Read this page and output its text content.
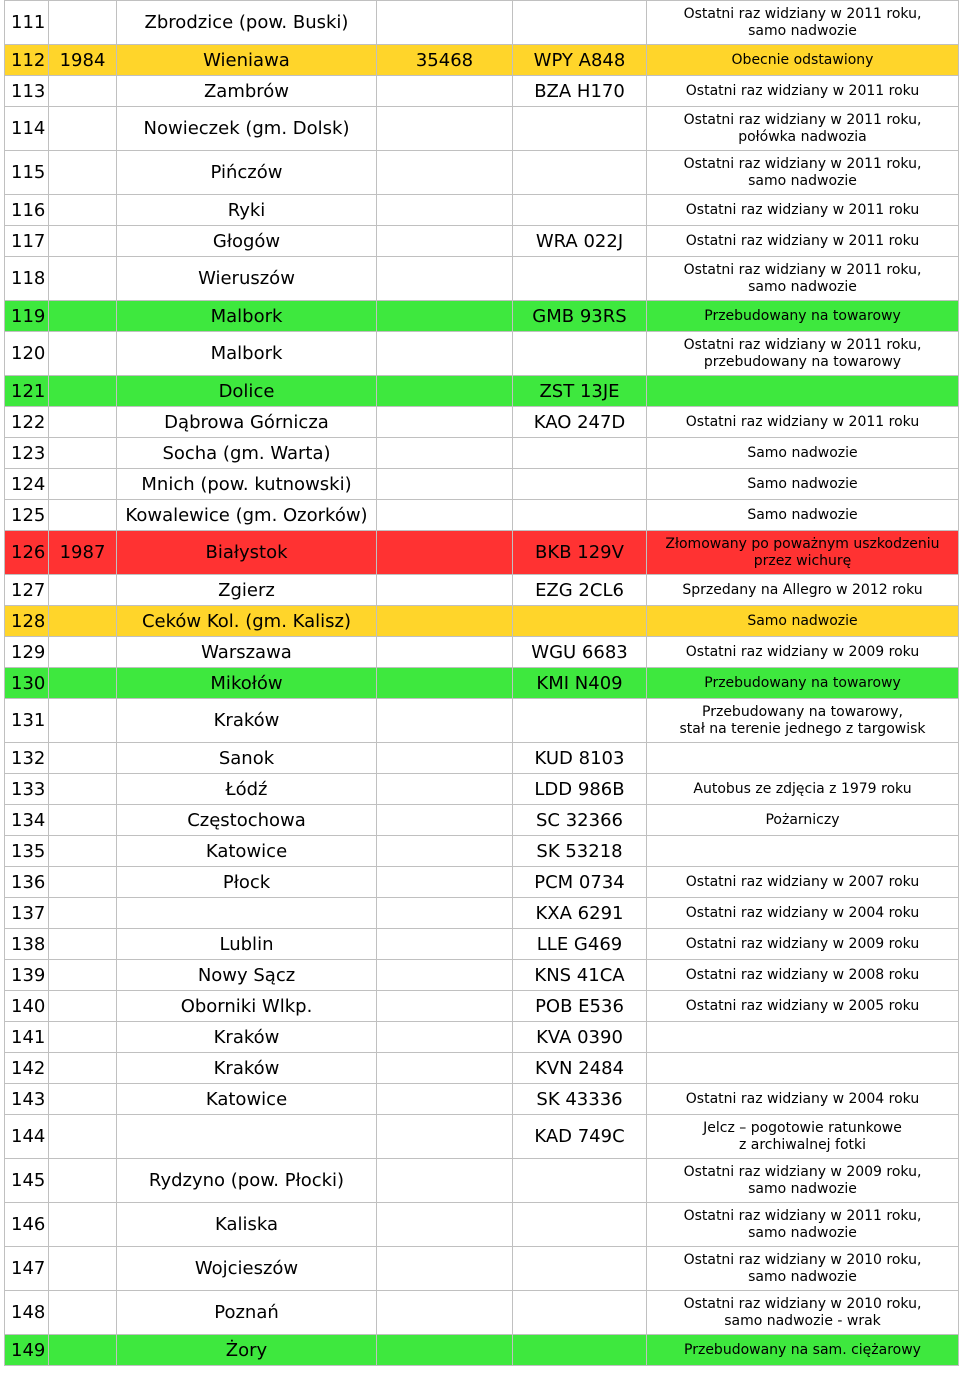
111		Zbrodzice (pow. Buski)			Ostatni raz widziany w 2011 roku,
samo nadwozie

112	1984	Wieniawa	35468	WPY A848	Obecnie odstawiony

113		Zambrów		BZA H170	Ostatni raz widziany w 2011 roku

114		Nowieczek (gm. Dolsk)			Ostatni raz widziany w 2011 roku,
połówka nadwozia

115		Pińczów			Ostatni raz widziany w 2011 roku,
samo nadwozie

116		Ryki			Ostatni raz widziany w 2011 roku

117		Głogów		WRA 022J	Ostatni raz widziany w 2011 roku

118		Wieruszów			Ostatni raz widziany w 2011 roku,
samo nadwozie

119		Malbork		GMB 93RS	Przebudowany na towarowy

120		Malbork			Ostatni raz widziany w 2011 roku,
przebudowany na towarowy

121		Dolice		ZST 13JE	
122		Dąbrowa Górnicza		KAO 247D	Ostatni raz widziany w 2011 roku

123		Socha (gm. Warta)			Samo nadwozie

124		Mnich (pow. kutnowski)			Samo nadwozie

125		Kowalewice (gm. Ozorków)			Samo nadwozie

126	1987	Białystok		BKB 129V	Złomowany po poważnym uszkodzeniu
przez wichurę

127		Zgierz		EZG 2CL6	Sprzedany na Allegro w 2012 roku

128		Ceków Kol. (gm. Kalisz)			Samo nadwozie

129		Warszawa		WGU 6683	Ostatni raz widziany w 2009 roku

130		Mikołów		KMI N409	Przebudowany na towarowy

131		Kraków			Przebudowany na towarowy,
stał na terenie jednego z targowisk

132		Sanok		KUD 8103	
133		Łódź		LDD 986B	Autobus ze zdjęcia z 1979 roku

134		Częstochowa		SC 32366	Pożarniczy

135		Katowice		SK 53218	
136		Płock		PCM 0734	Ostatni raz widziany w 2007 roku

137				KXA 6291	Ostatni raz widziany w 2004 roku

138		Lublin		LLE G469	Ostatni raz widziany w 2009 roku

139		Nowy Sącz		KNS 41CA	Ostatni raz widziany w 2008 roku

140		Oborniki Wlkp.		POB E536	Ostatni raz widziany w 2005 roku

141		Kraków		KVA 0390	
142		Kraków		KVN 2484	
143		Katowice		SK 43336	Ostatni raz widziany w 2004 roku

144				KAD 749C	Jelcz – pogotowie ratunkowe
z archiwalnej fotki

145		Rydzyno (pow. Płocki)			Ostatni raz widziany w 2009 roku,
samo nadwozie

146		Kaliska			Ostatni raz widziany w 2011 roku,
samo nadwozie

147		Wojcieszów			Ostatni raz widziany w 2010 roku,
samo nadwozie

148		Poznań			Ostatni raz widziany w 2010 roku,
samo nadwozie - wrak

149		Żory			Przebudowany na sam. ciężarowy
